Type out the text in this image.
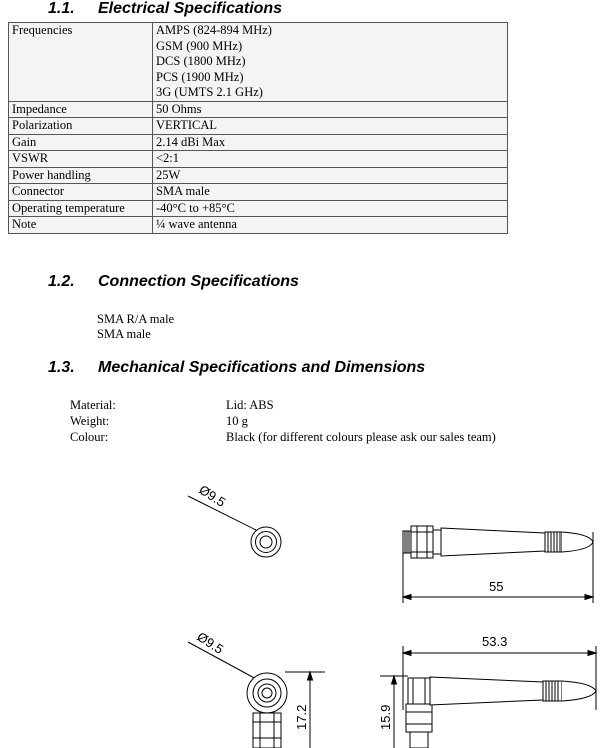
1.1. Electrical Specifications
Frequencies	AMPS (824-894 MHz)
GSM (900 MHz)
DCS (1800 MHz)
PCS (1900 MHz)
3G (UMTS 2.1 GHz)

Impedance	50 Ohms

Polarization	VERTICAL

Gain	2.14 dBi Max

VSWR	<2:1

Power handling	25W

Connector	SMA male

Operating temperature	-40°C to +85°C

Note	¼ wave antenna
1.2. Connection Specifications
SMA R/A male
SMA male
1.3. Mechanical Specifications and Dimensions
Material:	Lid: ABS
Weight:	10 g
Colour:	Black (for different colours please ask our sales team)
Ø9.5
55
Ø9.5
17.2
53.3
15.9
